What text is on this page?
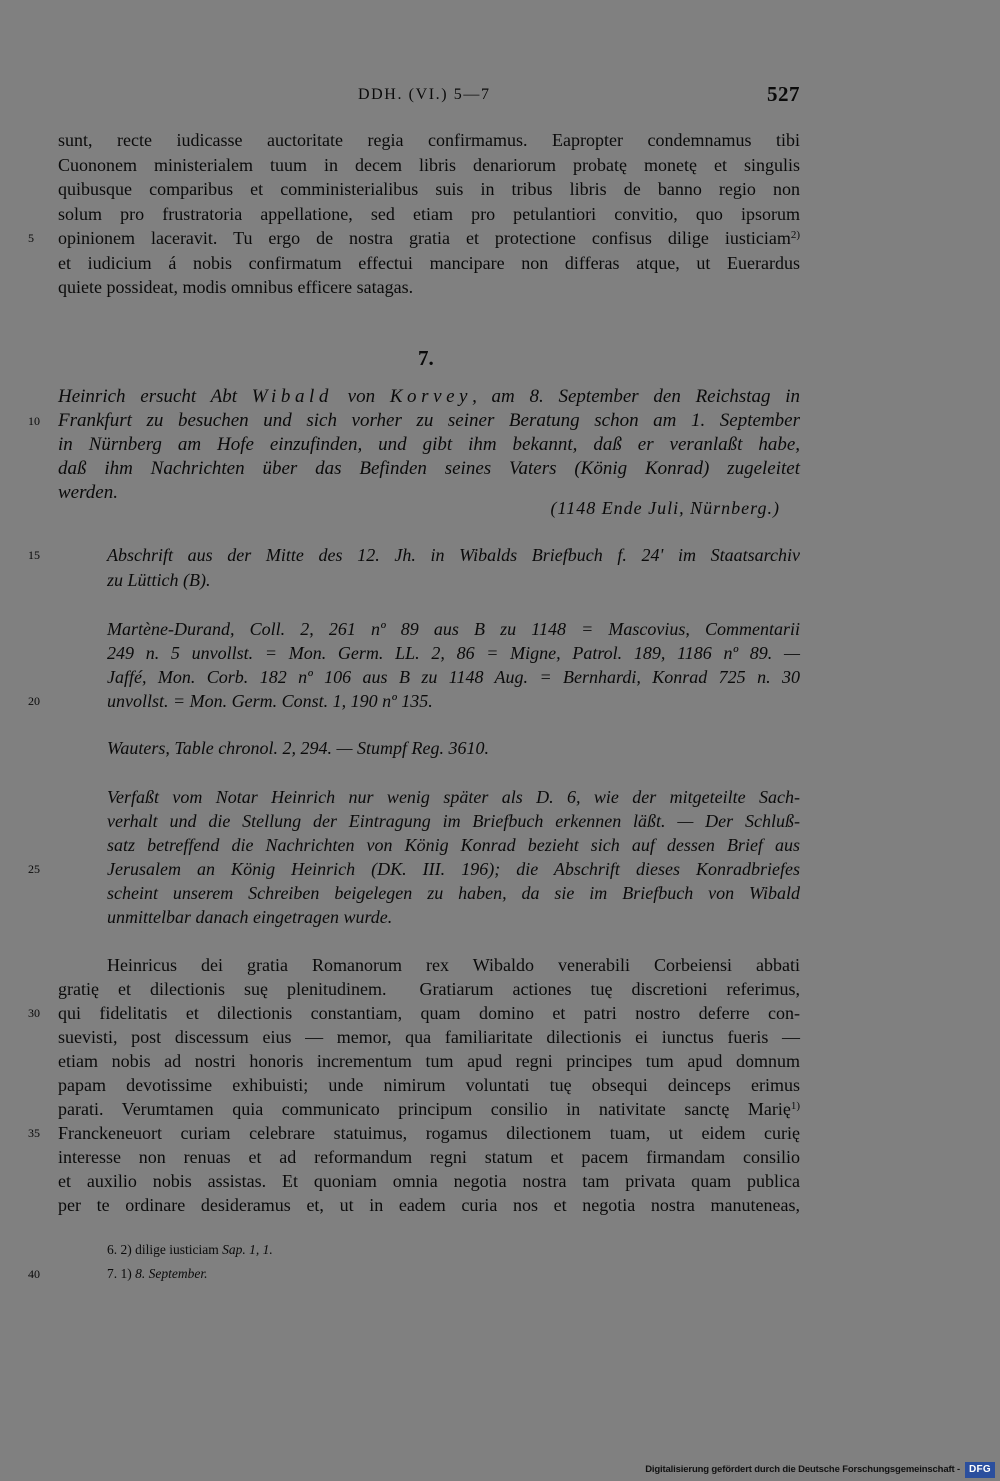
DDH. (VI.) 5—7	527
sunt, recte iudicasse auctoritate regia confirmamus. Eapropter condemnamus tibi
Cuononem ministerialem tuum in decem libris denariorum probatę monetę et singulis
quibusque comparibus et comministerialibus suis in tribus libris de banno regio non
solum pro frustratoria appellatione, sed etiam pro petulantiori convitio, quo ipsorum
5	opinionem laceravit. Tu ergo de nostra gratia et protectione confisus dilige iusticiam$^{2)}$
et iudicium á nobis confirmatum effectui mancipare non differas atque, ut Euerardus
quiete possideat, modis omnibus efficere satagas.
7.
Heinrich ersucht Abt Wibald von Korvey, am 8. September den Reichstag in
10 Frankfurt zu besuchen und sich vorher zu seiner Beratung schon am 1. September
in Nürnberg am Hofe einzufinden, und gibt ihm bekannt, daß er veranlaßt habe,
daß ihm Nachrichten über das Befinden seines Vaters (König Konrad) zugeleitet
werden.
(1148 Ende Juli, Nürnberg.)
15	Abschrift aus der Mitte des 12. Jh. in Wibalds Briefbuch f. 24' im Staatsarchiv
zu Lüttich (B).
Martène-Durand, Coll. 2, 261 nº 89 aus B zu 1148 = Mascovius, Commentarii
249 n. 5 unvollst. = Mon. Germ. LL. 2, 86 = Migne, Patrol. 189, 1186 nº 89. —
Jaffé, Mon. Corb. 182 nº 106 aus B zu 1148 Aug. = Bernhardi, Konrad 725 n. 30
20	unvollst. = Mon. Germ. Const. 1, 190 nº 135.
Wauters, Table chronol. 2, 294. — Stumpf Reg. 3610.
Verfaßt vom Notar Heinrich nur wenig später als D. 6, wie der mitgeteilte Sach-
verhalt und die Stellung der Eintragung im Briefbuch erkennen läßt. — Der Schluß-
satz betreffend die Nachrichten von König Konrad bezieht sich auf dessen Brief aus
25	Jerusalem an König Heinrich (DK. III. 196); die Abschrift dieses Konradbriefes
scheint unserem Schreiben beigelegen zu haben, da sie im Briefbuch von Wibald
unmittelbar danach eingetragen wurde.
Heinricus dei gratia Romanorum rex Wibaldo venerabili Corbeiensi abbati
gratię et dilectionis suę plenitudinem. Gratiarum actiones tuę discretioni referimus,
30	qui fidelitatis et dilectionis constantiam, quam domino et patri nostro deferre con-
suevisti, post discessum eius — memor, qua familiaritate dilectionis ei iunctus fueris —
etiam nobis ad nostri honoris incrementum tum apud regni principes tum apud domnum
papam devotissime exhibuisti; unde nimirum voluntati tuę obsequi deinceps erimus
parati. Verumtamen quia communicato principum consilio in nativitate sanctę Marię$^{1)}$
35	Franckeneuort curiam celebrare statuimus, rogamus dilectionem tuam, ut eidem curię
interesse non renuas et ad reformandum regni statum et pacem firmandam consilio
et auxilio nobis assistas. Et quoniam omnia negotia nostra tam privata quam publica
per te ordinare desideramus et, ut in eadem curia nos et negotia nostra manuteneas,
6. 2) dilige iusticiam Sap. 1, 1.
40	7. 1) 8. September.
Digitalisierung gefördert durch die Deutsche Forschungsgemeinschaft - DFG
